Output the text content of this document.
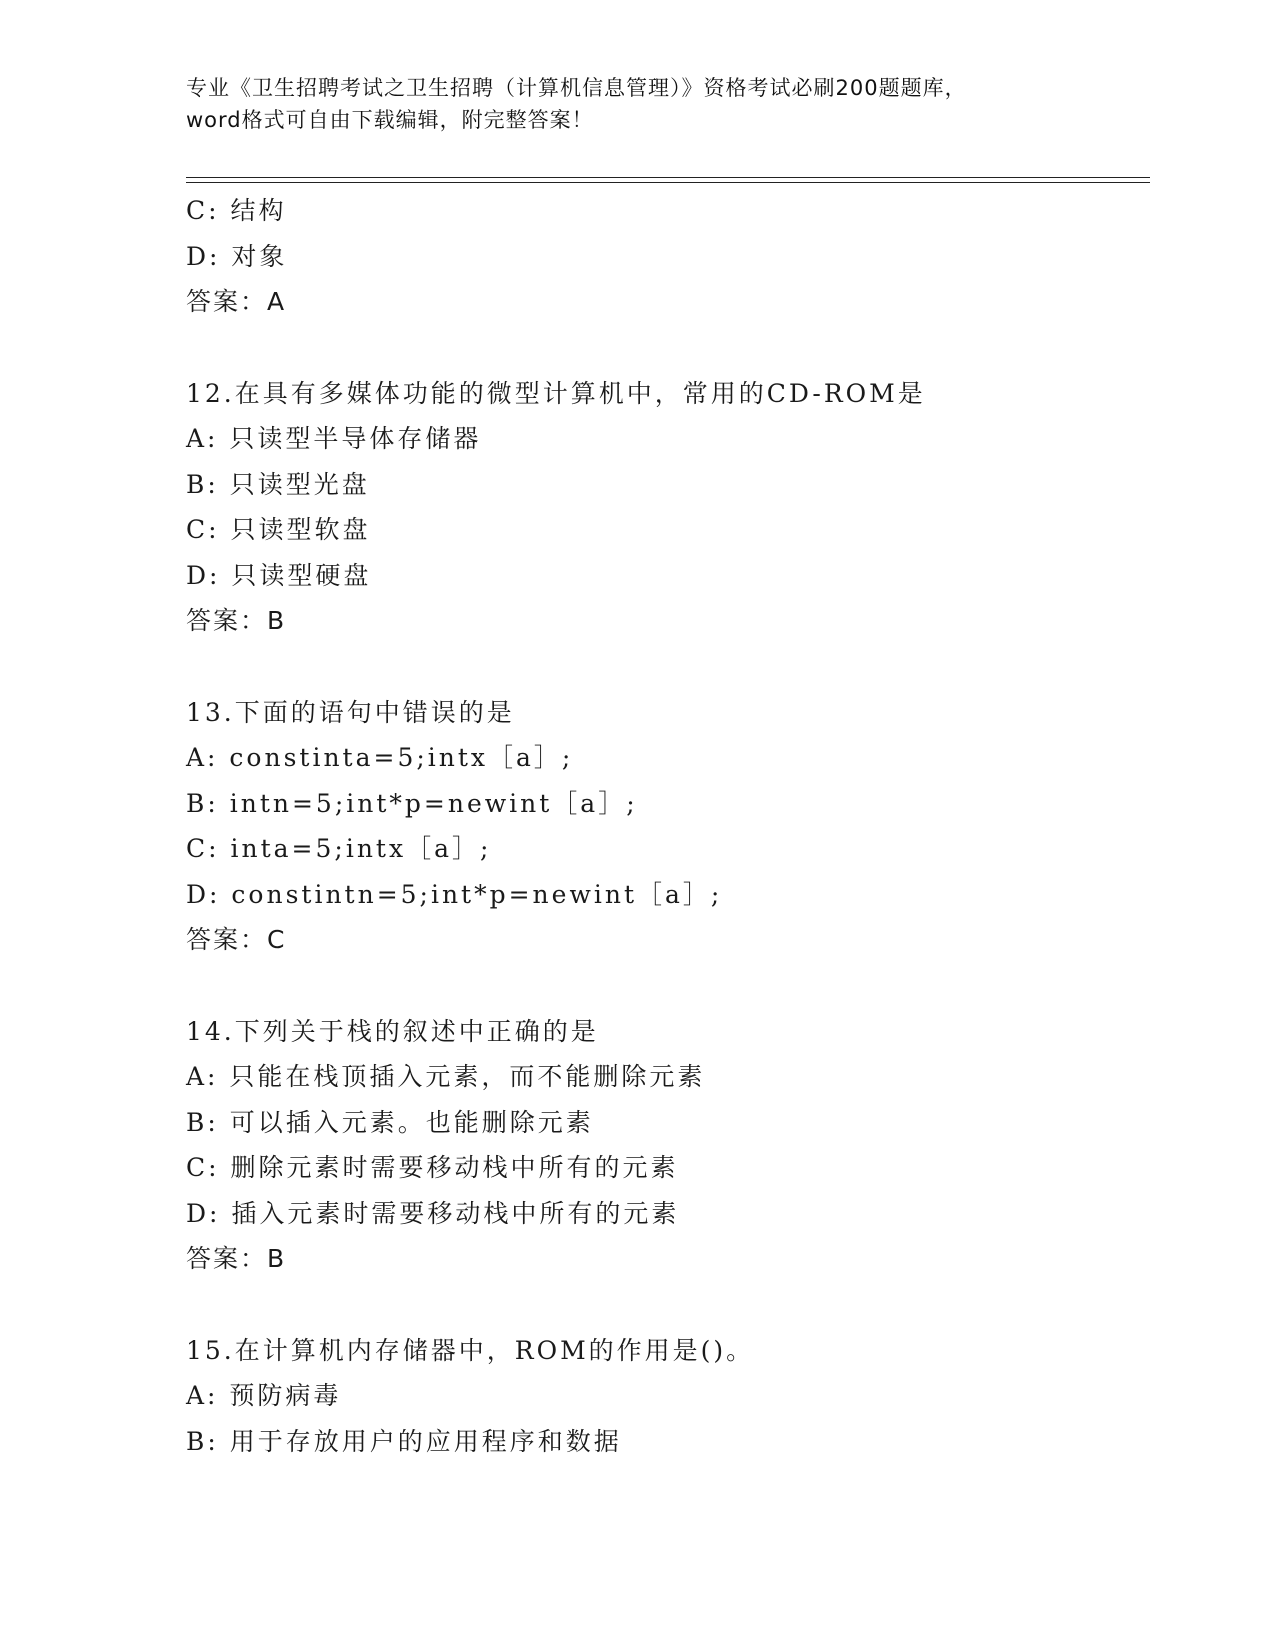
专业《卫生招聘考试之卫生招聘（计算机信息管理）》资格考试必刷200题题库，
word格式可自由下载编辑，附完整答案！
C: 结构
D: 对象
答案：A
12.在具有多媒体功能的微型计算机中，常用的CD-ROM是
A: 只读型半导体存储器
B: 只读型光盘
C: 只读型软盘
D: 只读型硬盘
答案：B
13.下面的语句中错误的是
A: constinta=5;intx［a］;
B: intn=5;int*p=newint［a］;
C: inta=5;intx［a］;
D: constintn=5;int*p=newint［a］;
答案：C
14.下列关于栈的叙述中正确的是
A: 只能在栈顶插入元素，而不能删除元素
B: 可以插入元素。也能删除元素
C: 删除元素时需要移动栈中所有的元素
D: 插入元素时需要移动栈中所有的元素
答案：B
15.在计算机内存储器中，ROM的作用是()。
A: 预防病毒
B: 用于存放用户的应用程序和数据
